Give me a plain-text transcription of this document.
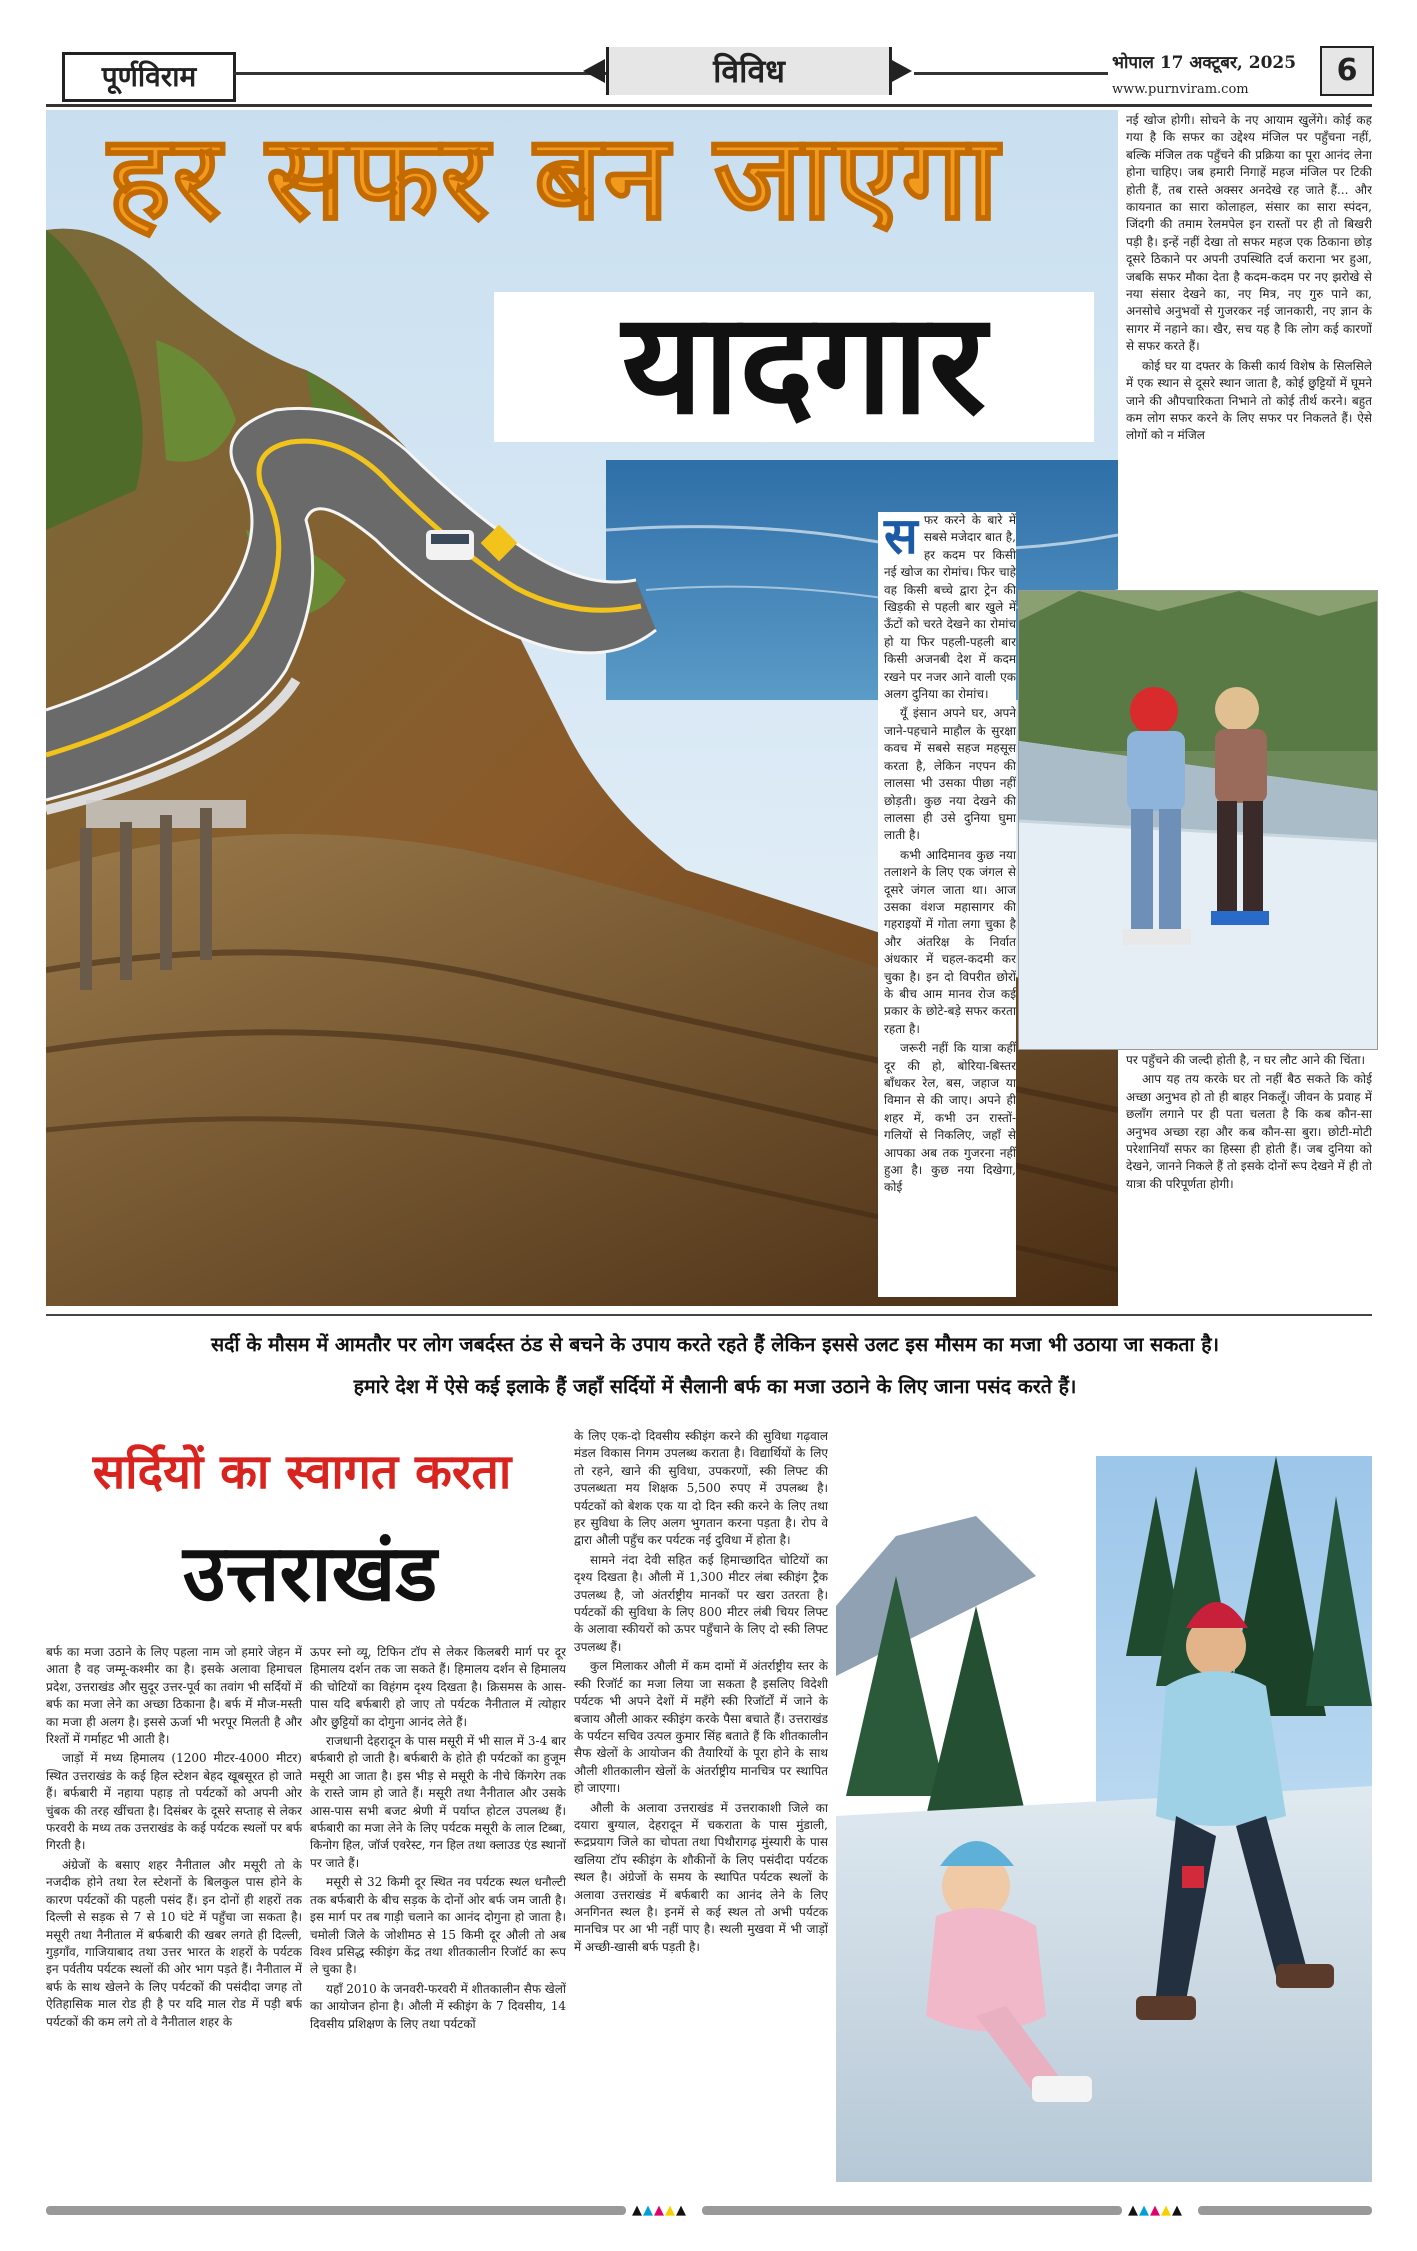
पूर्णविराम	विविध	भोपाल 17 अक्टूबर, 2025
www.purnviram.com
6
हर सफर बन जाएगा
यादगार
स फर करने के बारे में सबसे मजेदार बात है, हर कदम पर किसी नई खोज का रोमांच। फिर चाहे वह किसी बच्चे द्वारा ट्रेन की खिड़की से पहली बार खुले में ऊँटों को चरते देखने का रोमांच हो या फिर पहली-पहली बार किसी अजनबी देश में कदम रखने पर नजर आने वाली एक अलग दुनिया का रोमांच।

यूँ इंसान अपने घर, अपने जाने-पहचाने माहौल के सुरक्षा कवच में सबसे सहज महसूस करता है, लेकिन नएपन की लालसा भी उसका पीछा नहीं छोड़ती। कुछ नया देखने की लालसा ही उसे दुनिया घुमा लाती है।

कभी आदिमानव कुछ नया तलाशने के लिए एक जंगल से दूसरे जंगल जाता था। आज उसका वंशज महासागर की गहराइयों में गोता लगा चुका है और अंतरिक्ष के निर्वात अंधकार में चहल-कदमी कर चुका है। इन दो विपरीत छोरों के बीच आम मानव रोज कई प्रकार के छोटे-बड़े सफर करता रहता है।

जरूरी नहीं कि यात्रा कहीं दूर की हो, बोरिया-बिस्तर बाँधकर रेल, बस, जहाज या विमान से की जाए। अपने ही शहर में, कभी उन रास्तों-गलियों से निकलिए, जहाँ से आपका अब तक गुजरना नहीं हुआ है। कुछ नया दिखेगा, कोई

नई खोज होगी। सोचने के नए आयाम खुलेंगे। कोई कह गया है कि सफर का उद्देश्य मंजिल पर पहुँचना नहीं, बल्कि मंजिल तक पहुँचने की प्रक्रिया का पूरा आनंद लेना होना चाहिए। जब हमारी निगाहें महज मंजिल पर टिकी होती हैं, तब रास्ते अक्सर अनदेखे रह जाते हैं... और कायनात का सारा कोलाहल, संसार का सारा स्पंदन, जिंदगी की तमाम रेलमपेल इन रास्तों पर ही तो बिखरी पड़ी है। इन्हें नहीं देखा तो सफर महज एक ठिकाना छोड़ दूसरे ठिकाने पर अपनी उपस्थिति दर्ज कराना भर हुआ, जबकि सफर मौका देता है कदम-कदम पर नए झरोखे से नया संसार देखने का, नए मित्र, नए गुरु पाने का, अनसोचे अनुभवों से गुजरकर नई जानकारी, नए ज्ञान के सागर में नहाने का। खैर, सच यह है कि लोग कई कारणों से सफर करते हैं।

कोई घर या दफ्तर के किसी कार्य विशेष के सिलसिले में एक स्थान से दूसरे स्थान जाता है, कोई छुट्टियों में घूमने जाने की औपचारिकता निभाने तो कोई तीर्थ करने। बहुत कम लोग सफर करने के लिए सफर पर निकलते हैं। ऐसे लोगों को न मंजिल

पर पहुँचने की जल्दी होती है, न घर लौट आने की चिंता।

आप यह तय करके घर तो नहीं बैठ सकते कि कोई अच्छा अनुभव हो तो ही बाहर निकलूँ। जीवन के प्रवाह में छलाँग लगाने पर ही पता चलता है कि कब कौन-सा अनुभव अच्छा रहा और कब कौन-सा बुरा। छोटी-मोटी परेशानियाँ सफर का हिस्सा ही होती हैं। जब दुनिया को देखने, जानने निकले हैं तो इसके दोनों रूप देखने में ही तो यात्रा की परिपूर्णता होगी।

सर्दी के मौसम में आमतौर पर लोग जबर्दस्त ठंड से बचने के उपाय करते रहते हैं लेकिन इससे उलट इस मौसम का मजा भी उठाया जा सकता है।
हमारे देश में ऐसे कई इलाके हैं जहाँ सर्दियों में सैलानी बर्फ का मजा उठाने के लिए जाना पसंद करते हैं।
सर्दियों का स्वागत करता
उत्तराखंड

बर्फ का मजा उठाने के लिए पहला नाम जो हमारे जेहन में आता है वह जम्मू-कश्मीर का है। इसके अलावा हिमाचल प्रदेश, उत्तराखंड और सुदूर उत्तर-पूर्व का तवांग भी सर्दियों में बर्फ का मजा लेने का अच्छा ठिकाना है। बर्फ में मौज-मस्ती का मजा ही अलग है। इससे ऊर्जा भी भरपूर मिलती है और रिश्तों में गर्माहट भी आती है।

जाड़ों में मध्य हिमालय (1200 मीटर-4000 मीटर) स्थित उत्तराखंड के कई हिल स्टेशन बेहद खूबसूरत हो जाते हैं। बर्फबारी में नहाया पहाड़ तो पर्यटकों को अपनी ओर चुंबक की तरह खींचता है। दिसंबर के दूसरे सप्ताह से लेकर फरवरी के मध्य तक उत्तराखंड के कई पर्यटक स्थलों पर बर्फ गिरती है।

अंग्रेजों के बसाए शहर नैनीताल और मसूरी तो के नजदीक होने तथा रेल स्टेशनों के बिलकुल पास होने के कारण पर्यटकों की पहली पसंद हैं। इन दोनों ही शहरों तक दिल्ली से सड़क से 7 से 10 घंटे में पहुँचा जा सकता है। मसूरी तथा नैनीताल में बर्फबारी की खबर लगते ही दिल्ली, गुड़गाँव, गाजियाबाद तथा उत्तर भारत के शहरों के पर्यटक इन पर्वतीय पर्यटक स्थलों की ओर भाग पड़ते हैं। नैनीताल में बर्फ के साथ खेलने के लिए पर्यटकों की पसंदीदा जगह तो ऐतिहासिक माल रोड ही है पर यदि माल रोड में पड़ी बर्फ पर्यटकों की कम लगे तो वे नैनीताल शहर के

ऊपर स्नो व्यू, टिफिन टॉप से लेकर किलबरी मार्ग पर दूर हिमालय दर्शन तक जा सकते हैं। हिमालय दर्शन से हिमालय की चोटियों का विहंगम दृश्य दिखता है। क्रिसमस के आस-पास यदि बर्फबारी हो जाए तो पर्यटक नैनीताल में त्योहार और छुट्टियों का दोगुना आनंद लेते हैं।

राजधानी देहरादून के पास मसूरी में भी साल में 3-4 बार बर्फबारी हो जाती है। बर्फबारी के होते ही पर्यटकों का हुजूम मसूरी आ जाता है। इस भीड़ से मसूरी के नीचे किंगरेग तक के रास्ते जाम हो जाते हैं। मसूरी तथा नैनीताल और उसके आस-पास सभी बजट श्रेणी में पर्याप्त होटल उपलब्ध हैं। बर्फबारी का मजा लेने के लिए पर्यटक मसूरी के लाल टिब्बा, किनोग हिल, जॉर्ज एवरेस्ट, गन हिल तथा क्लाउड एंड स्थानों पर जाते हैं।

मसूरी से 32 किमी दूर स्थित नव पर्यटक स्थल धनौल्टी तक बर्फबारी के बीच सड़क के दोनों ओर बर्फ जम जाती है। इस मार्ग पर तब गाड़ी चलाने का आनंद दोगुना हो जाता है। चमोली जिले के जोशीमठ से 15 किमी दूर औली तो अब विश्व प्रसिद्ध स्कीइंग केंद्र तथा शीतकालीन रिजॉर्ट का रूप ले चुका है।

यहाँ 2010 के जनवरी-फरवरी में शीतकालीन सैफ खेलों का आयोजन होना है। औली में स्कीइंग के 7 दिवसीय, 14 दिवसीय प्रशिक्षण के लिए तथा पर्यटकों

के लिए एक-दो दिवसीय स्कीइंग करने की सुविधा गढ़वाल मंडल विकास निगम उपलब्ध कराता है। विद्यार्थियों के लिए तो रहने, खाने की सुविधा, उपकरणों, स्की लिफ्ट की उपलब्धता मय शिक्षक 5,500 रुपए में उपलब्ध है। पर्यटकों को बेशक एक या दो दिन स्की करने के लिए तथा हर सुविधा के लिए अलग भुगतान करना पड़ता है। रोप वे द्वारा औली पहुँच कर पर्यटक नई दुविधा में होता है।

सामने नंदा देवी सहित कई हिमाच्छादित चोटियों का दृश्य दिखता है। औली में 1,300 मीटर लंबा स्कीइंग ट्रैक उपलब्ध है, जो अंतर्राष्ट्रीय मानकों पर खरा उतरता है। पर्यटकों की सुविधा के लिए 800 मीटर लंबी चियर लिफ्ट के अलावा स्कीयरों को ऊपर पहुँचाने के लिए दो स्की लिफ्ट उपलब्ध हैं।

कुल मिलाकर औली में कम दामों में अंतर्राष्ट्रीय स्तर के स्की रिजॉर्ट का मजा लिया जा सकता है इसलिए विदेशी पर्यटक भी अपने देशों में महँगे स्की रिजॉर्टों में जाने के बजाय औली आकर स्कीइंग करके पैसा बचाते हैं। उत्तराखंड के पर्यटन सचिव उत्पल कुमार सिंह बताते हैं कि शीतकालीन सैफ खेलों के आयोजन की तैयारियों के पूरा होने के साथ औली शीतकालीन खेलों के अंतर्राष्ट्रीय मानचित्र पर स्थापित हो जाएगा।

औली के अलावा उत्तराखंड में उत्तराकाशी जिले का दयारा बुग्याल, देहरादून में चकराता के पास मुंडाली, रूद्रप्रयाग जिले का चोपता तथा पिथौरागढ़ मुंस्यारी के पास खलिया टॉप स्कीइंग के शौकीनों के लिए पसंदीदा पर्यटक स्थल है। अंग्रेजों के समय के स्थापित पर्यटक स्थलों के अलावा उत्तराखंड में बर्फबारी का आनंद लेने के लिए अनगिनत स्थल है। इनमें से कई स्थल तो अभी पर्यटक मानचित्र पर आ भी नहीं पाए है। स्थली मुखवा में भी जाड़ों में अच्छी-खासी बर्फ पड़ती है।

▲▲▲▲▲	▲▲▲▲▲
